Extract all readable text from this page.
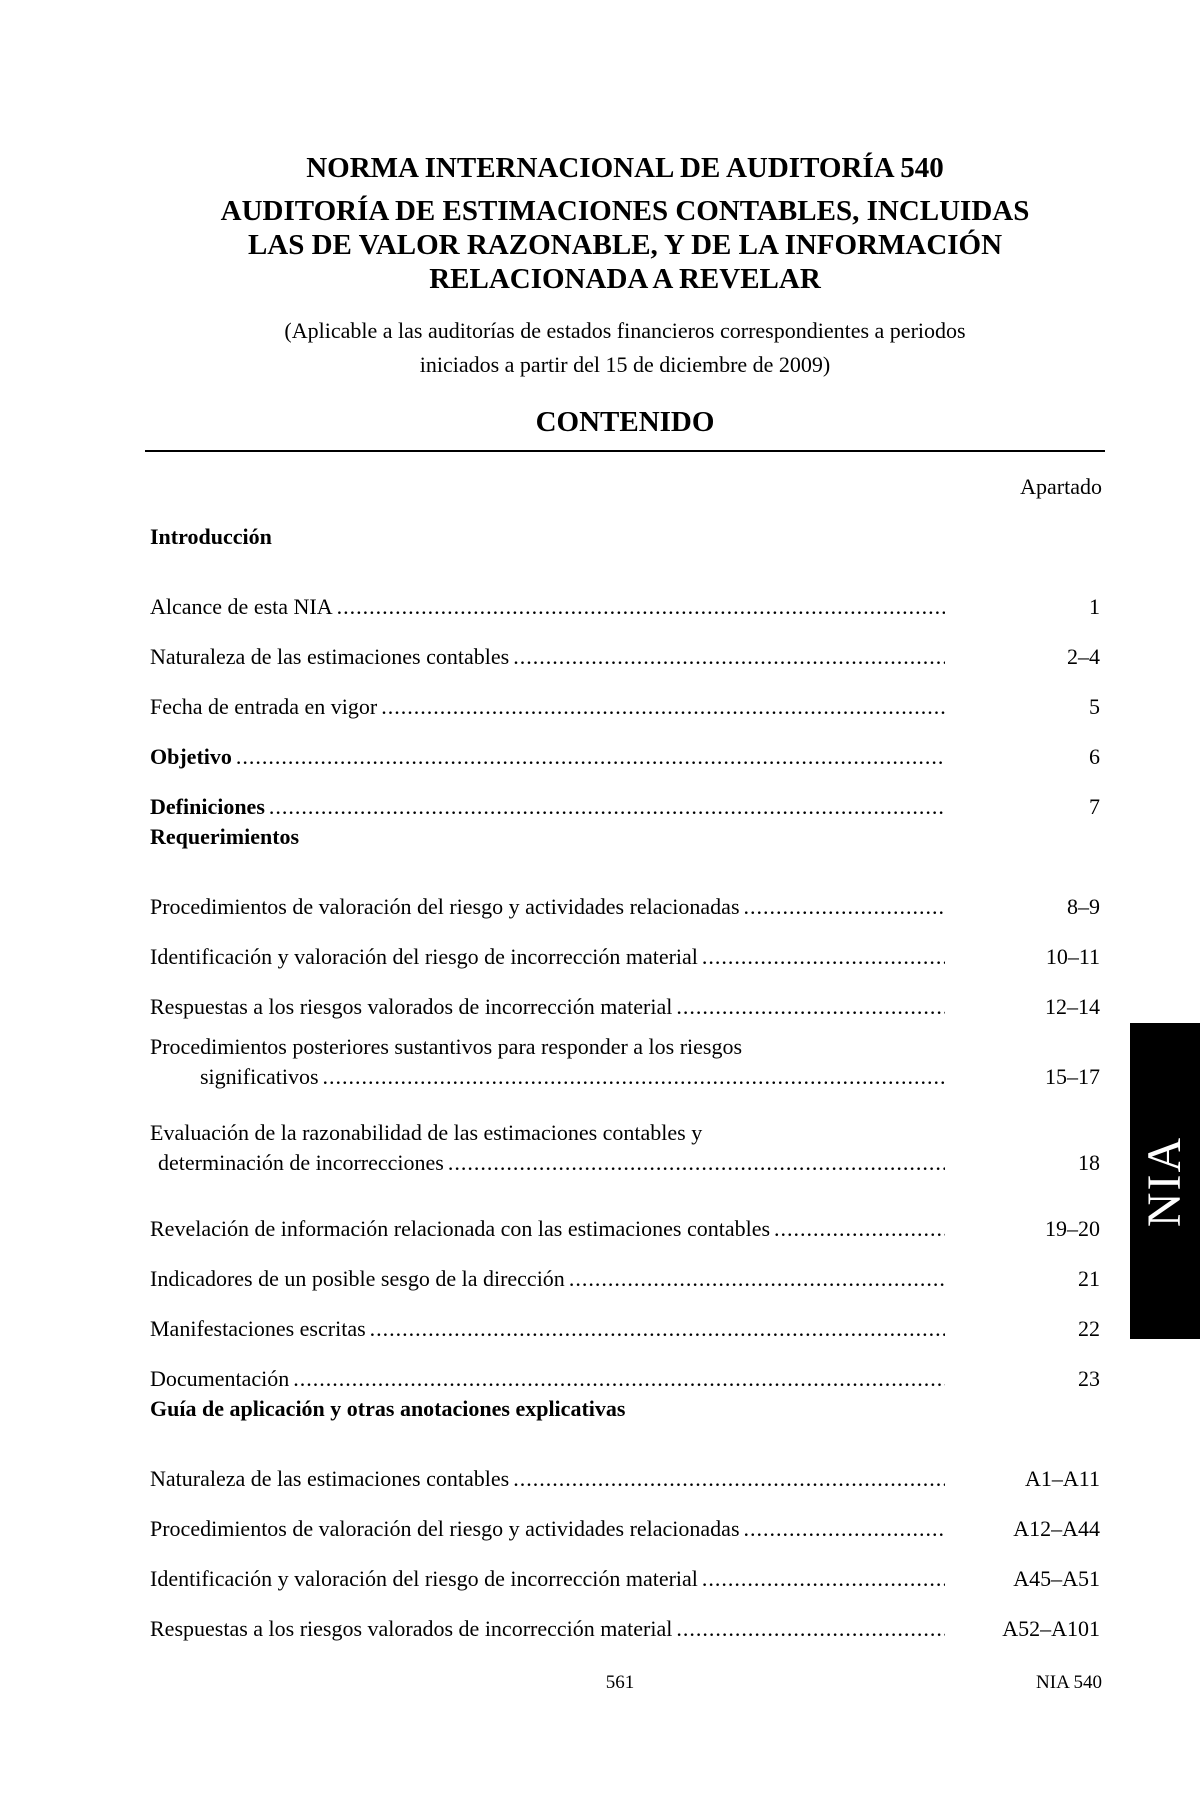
NORMA INTERNACIONAL DE AUDITORÍA 540
AUDITORÍA DE ESTIMACIONES CONTABLES, INCLUIDAS
LAS DE VALOR RAZONABLE, Y DE LA INFORMACIÓN
RELACIONADA A REVELAR
(Aplicable a las auditorías de estados financieros correspondientes a periodos
iniciados a partir del 15 de diciembre de 2009)
CONTENIDO
Apartado
Introducción
Alcance de esta NIA .....	1
Naturaleza de las estimaciones contables .....	2–4
Fecha de entrada en vigor .....	5
Objetivo .....	6
Definiciones .....	7
Requerimientos
Procedimientos de valoración del riesgo y actividades relacionadas .....	8–9
Identificación y valoración del riesgo de incorrección material .....	10–11
Respuestas a los riesgos valorados de incorrección material .....	12–14
Procedimientos posteriores sustantivos para responder a los riesgos
significativos .....	15–17
Evaluación de la razonabilidad de las estimaciones contables y
determinación de incorrecciones .....	18
Revelación de información relacionada con las estimaciones contables .....	19–20
Indicadores de un posible sesgo de la dirección .....	21
Manifestaciones escritas .....	22
Documentación .....	23
Guía de aplicación y otras anotaciones explicativas
Naturaleza de las estimaciones contables .....	A1–A11
Procedimientos de valoración del riesgo y actividades relacionadas .....	A12–A44
Identificación y valoración del riesgo de incorrección material .....	A45–A51
Respuestas a los riesgos valorados de incorrección material .....	A52–A101
NIA
561	NIA 540
